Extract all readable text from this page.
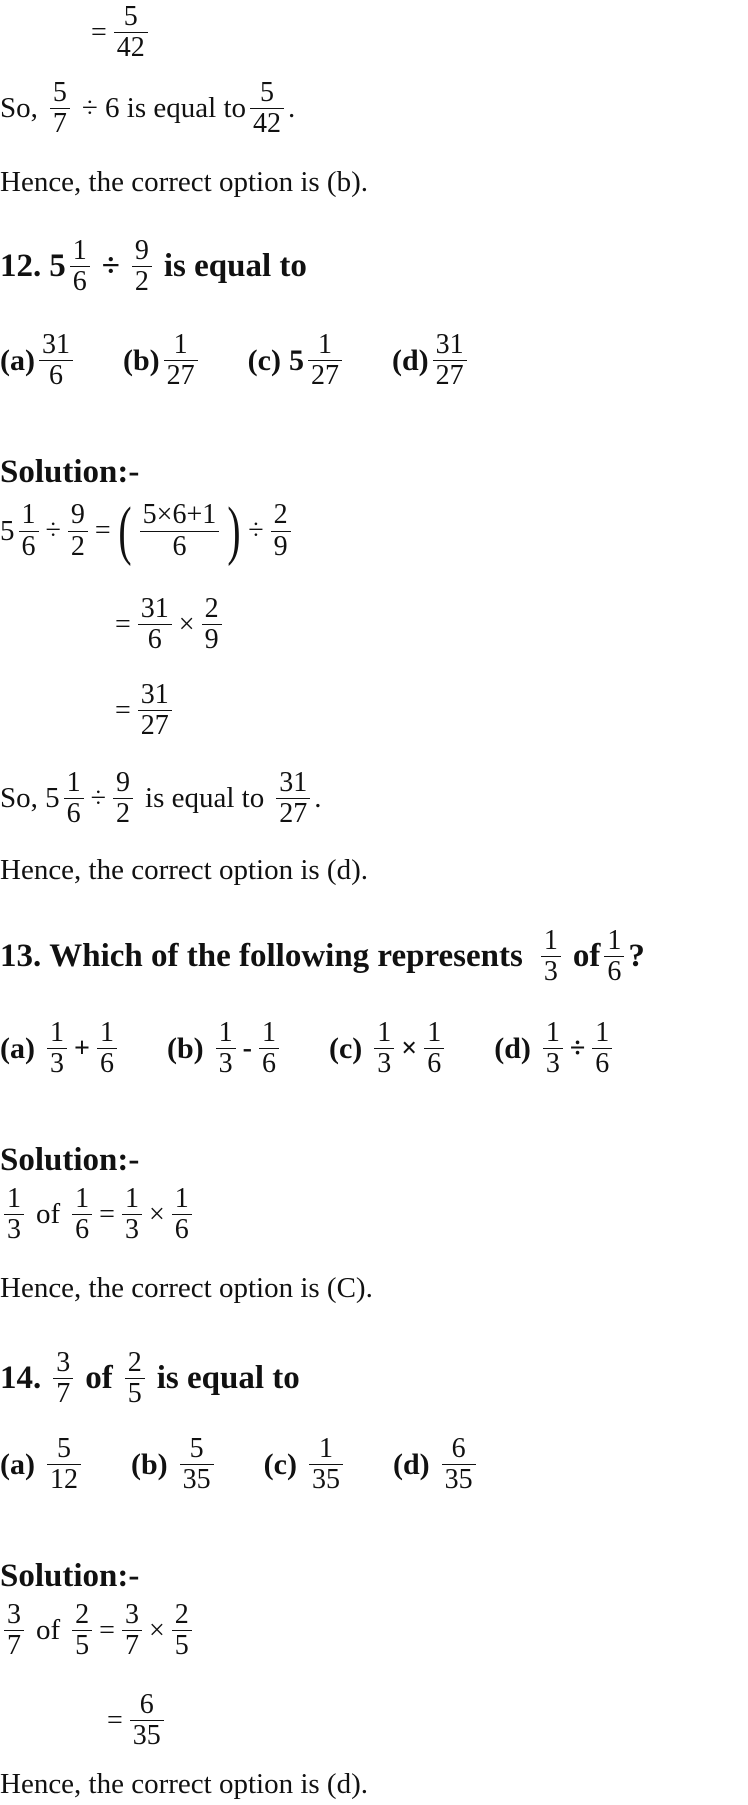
= $\frac{5}{42}$
So, $\frac{5}{7} \div 6$ is equal to $\frac{5}{42}$ .
Hence, the correct option is (b).
12. $5 \frac{1}{6} \div \frac{9}{2}$ is equal to
$(a) \frac{31}{6} (b) \frac{1}{27} (c)$ $5 \frac{1}{27} (d) \frac{31}{27}$
Solution:-
$5 \frac{1}{6} \div \frac{9}{2}$ = ( $\frac{5\times 6+1}{6}$ ) ÷ $\frac{2}{9}$
= $\frac{31}{6} \times \frac{2}{9}$
= $\frac{31}{27}$
So, $5 \frac{1}{6} \div \frac{9}{2}$ is equal to $\frac{31}{27}$ .
Hence, the correct option is (d).
13. Which of the following represents $\frac{1}{3}$ of $\frac{1}{6}$ ?
$(a) \frac{1}{3} + \frac{1}{6} (b) \frac{1}{3} - \frac{1}{6} (c) \frac{1}{3} \times \frac{1}{6} (d) \frac{1}{3} \div \frac{1}{6}$
Solution:-
$\frac{1}{3}$ of $\frac{1}{6} = \frac{1}{3} \times \frac{1}{6}$
Hence, the correct option is (C).
14. $\frac{3}{7}$ of $\frac{2}{5}$ is equal to
$(a) \frac{5}{12} (b) \frac{5}{35} (c) \frac{1}{35} (d) \frac{6}{35}$
Solution:-
$\frac{3}{7}$ of $\frac{2}{5} = \frac{3}{7} \times \frac{2}{5}$
= $\frac{6}{35}$
Hence, the correct option is (d).
